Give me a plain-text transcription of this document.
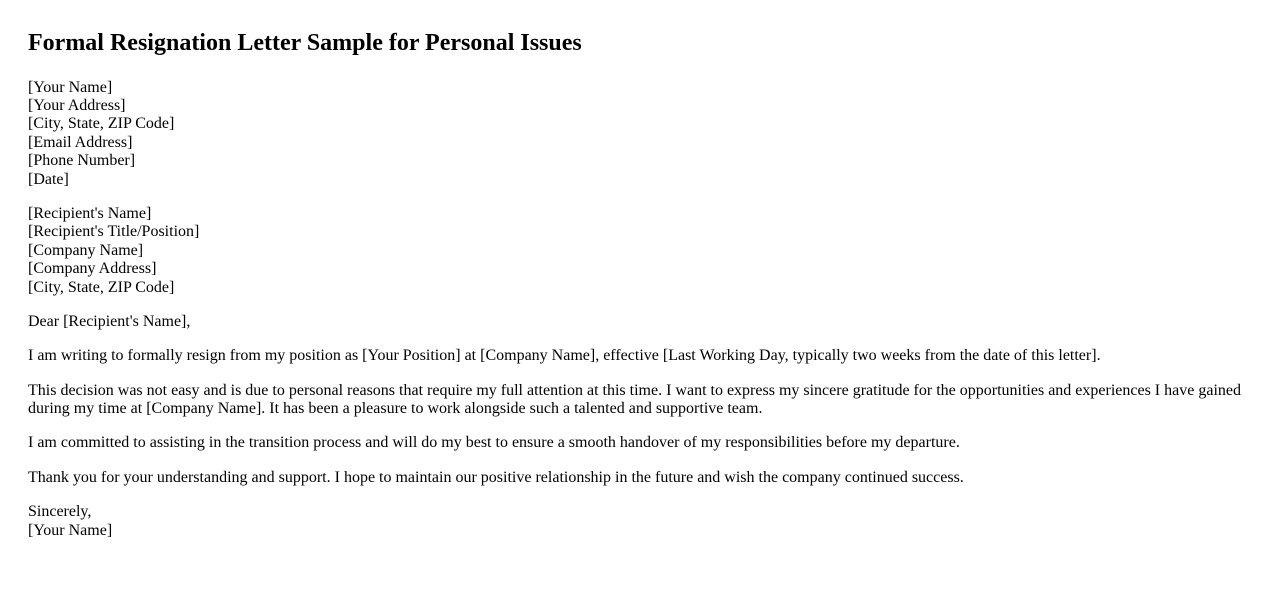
Formal Resignation Letter Sample for Personal Issues

[Your Name]
[Your Address]
[City, State, ZIP Code]
[Email Address]
[Phone Number]
[Date]

[Recipient's Name]
[Recipient's Title/Position]
[Company Name]
[Company Address]
[City, State, ZIP Code]

Dear [Recipient's Name],

I am writing to formally resign from my position as [Your Position] at [Company Name], effective [Last Working Day, typically two weeks from the date of this letter].

This decision was not easy and is due to personal reasons that require my full attention at this time. I want to express my sincere gratitude for the opportunities and experiences I have gained during my time at [Company Name]. It has been a pleasure to work alongside such a talented and supportive team.

I am committed to assisting in the transition process and will do my best to ensure a smooth handover of my responsibilities before my departure.

Thank you for your understanding and support. I hope to maintain our positive relationship in the future and wish the company continued success.

Sincerely,
[Your Name]
